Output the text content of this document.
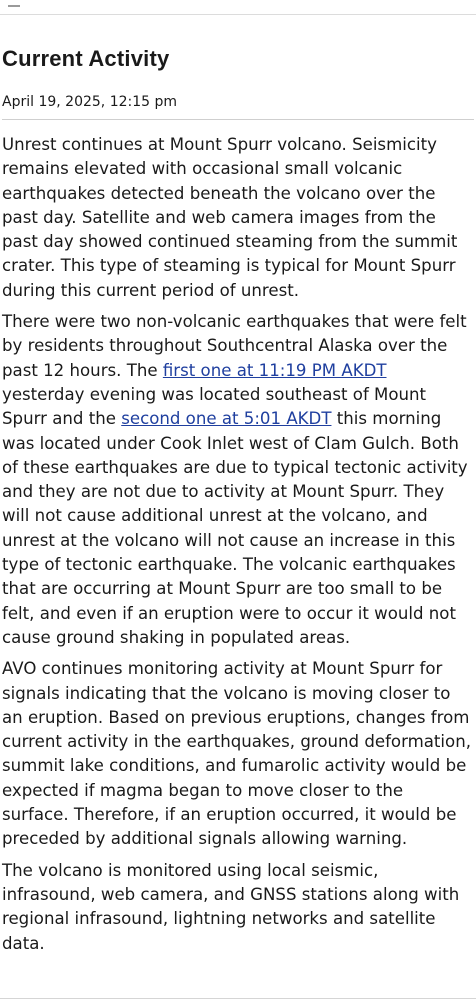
Current Activity
April 19, 2025, 12:15 pm

Unrest continues at Mount Spurr volcano. Seismicity remains elevated with occasional small volcanic earthquakes detected beneath the volcano over the past day. Satellite and web camera images from the past day showed continued steaming from the summit crater. This type of steaming is typical for Mount Spurr during this current period of unrest.

There were two non-volcanic earthquakes that were felt by residents throughout Southcentral Alaska over the past 12 hours. The first one at 11:19 PM AKDT yesterday evening was located southeast of Mount Spurr and the second one at 5:01 AKDT this morning was located under Cook Inlet west of Clam Gulch. Both of these earthquakes are due to typical tectonic activity and they are not due to activity at Mount Spurr. They will not cause additional unrest at the volcano, and unrest at the volcano will not cause an increase in this type of tectonic earthquake. The volcanic earthquakes that are occurring at Mount Spurr are too small to be felt, and even if an eruption were to occur it would not cause ground shaking in populated areas.

AVO continues monitoring activity at Mount Spurr for signals indicating that the volcano is moving closer to an eruption. Based on previous eruptions, changes from current activity in the earthquakes, ground deformation, summit lake conditions, and fumarolic activity would be expected if magma began to move closer to the surface. Therefore, if an eruption occurred, it would be preceded by additional signals allowing warning.

The volcano is monitored using local seismic, infrasound, web camera, and GNSS stations along with regional infrasound, lightning networks and satellite data.
